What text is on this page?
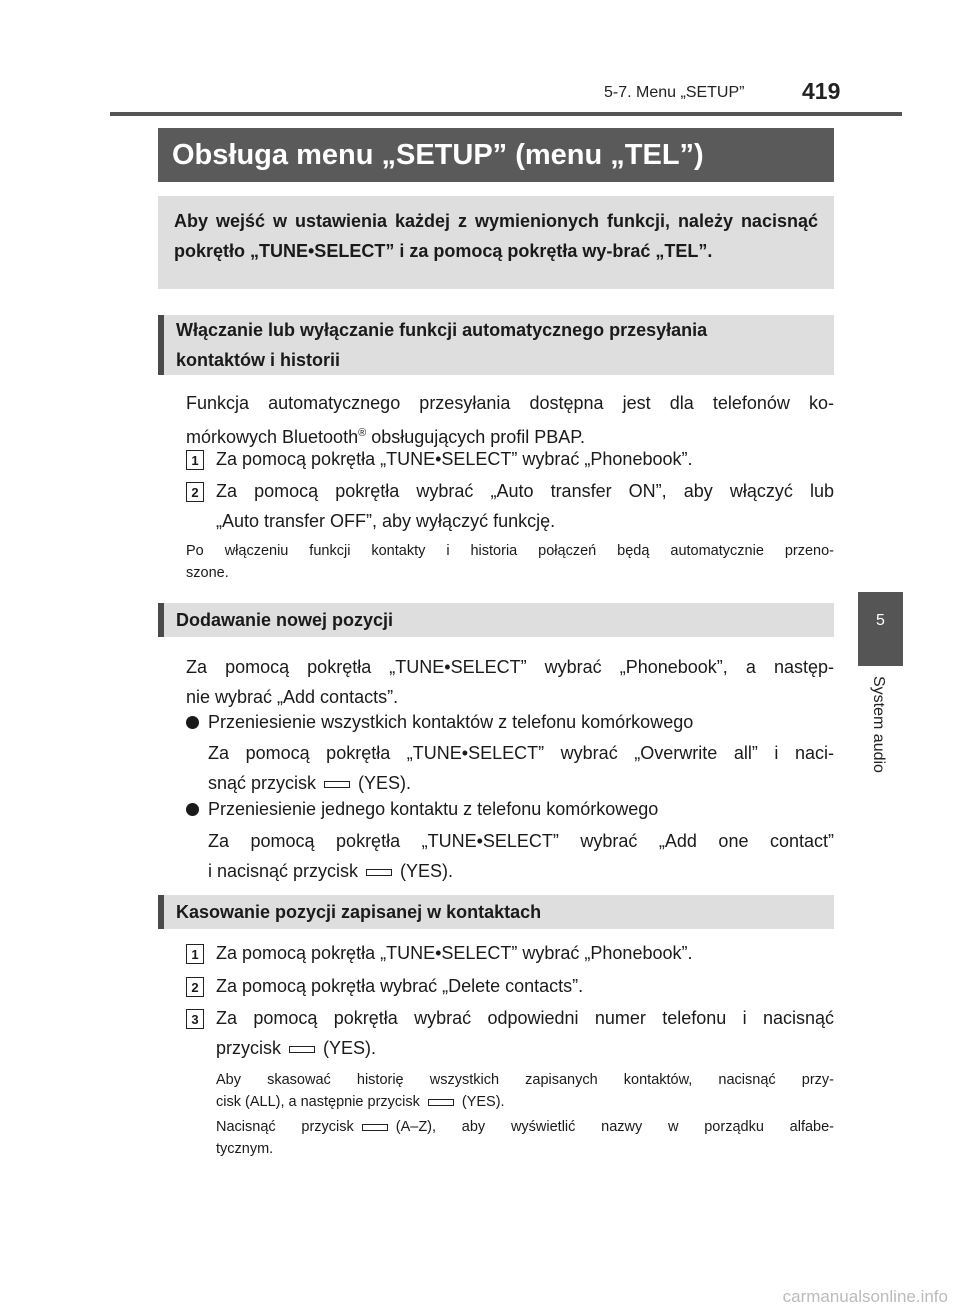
5-7. Menu „SETUP”	419
5
System audio
Obsługa menu „SETUP” (menu „TEL”)
Aby wejść w ustawienia każdej z wymienionych funkcji, należy nacisnąć pokrętło „TUNE•SELECT” i za pomocą pokrętła wy-brać „TEL”.
Włączanie lub wyłączanie funkcji automatycznego przesyłania
kontaktów i historii
Funkcja automatycznego przesyłania dostępna jest dla telefonów ko-
mórkowych Bluetooth® obsługujących profil PBAP.
1 Za pomocą pokrętła „TUNE•SELECT” wybrać „Phonebook”.
2 Za pomocą pokrętła wybrać „Auto transfer ON”, aby włączyć lub
„Auto transfer OFF”, aby wyłączyć funkcję.
Po włączeniu funkcji kontakty i historia połączeń będą automatycznie przeno-
szone.
Dodawanie nowej pozycji
Za pomocą pokrętła „TUNE•SELECT” wybrać „Phonebook”, a następ-
nie wybrać „Add contacts”.
Przeniesienie wszystkich kontaktów z telefonu komórkowego
Za pomocą pokrętła „TUNE•SELECT” wybrać „Overwrite all” i naci-
snąć przycisk (YES).
Przeniesienie jednego kontaktu z telefonu komórkowego
Za pomocą pokrętła „TUNE•SELECT” wybrać „Add one contact”
i nacisnąć przycisk (YES).
Kasowanie pozycji zapisanej w kontaktach
1 Za pomocą pokrętła „TUNE•SELECT” wybrać „Phonebook”.
2 Za pomocą pokrętła wybrać „Delete contacts”.
3 Za pomocą pokrętła wybrać odpowiedni numer telefonu i nacisnąć
przycisk (YES).
Aby skasować historię wszystkich zapisanych kontaktów, nacisnąć przy-
cisk (ALL), a następnie przycisk	(YES).
Nacisnąć przycisk	(A–Z), aby wyświetlić nazwy w porządku alfabe-
tycznym.
carmanualsonline.info
